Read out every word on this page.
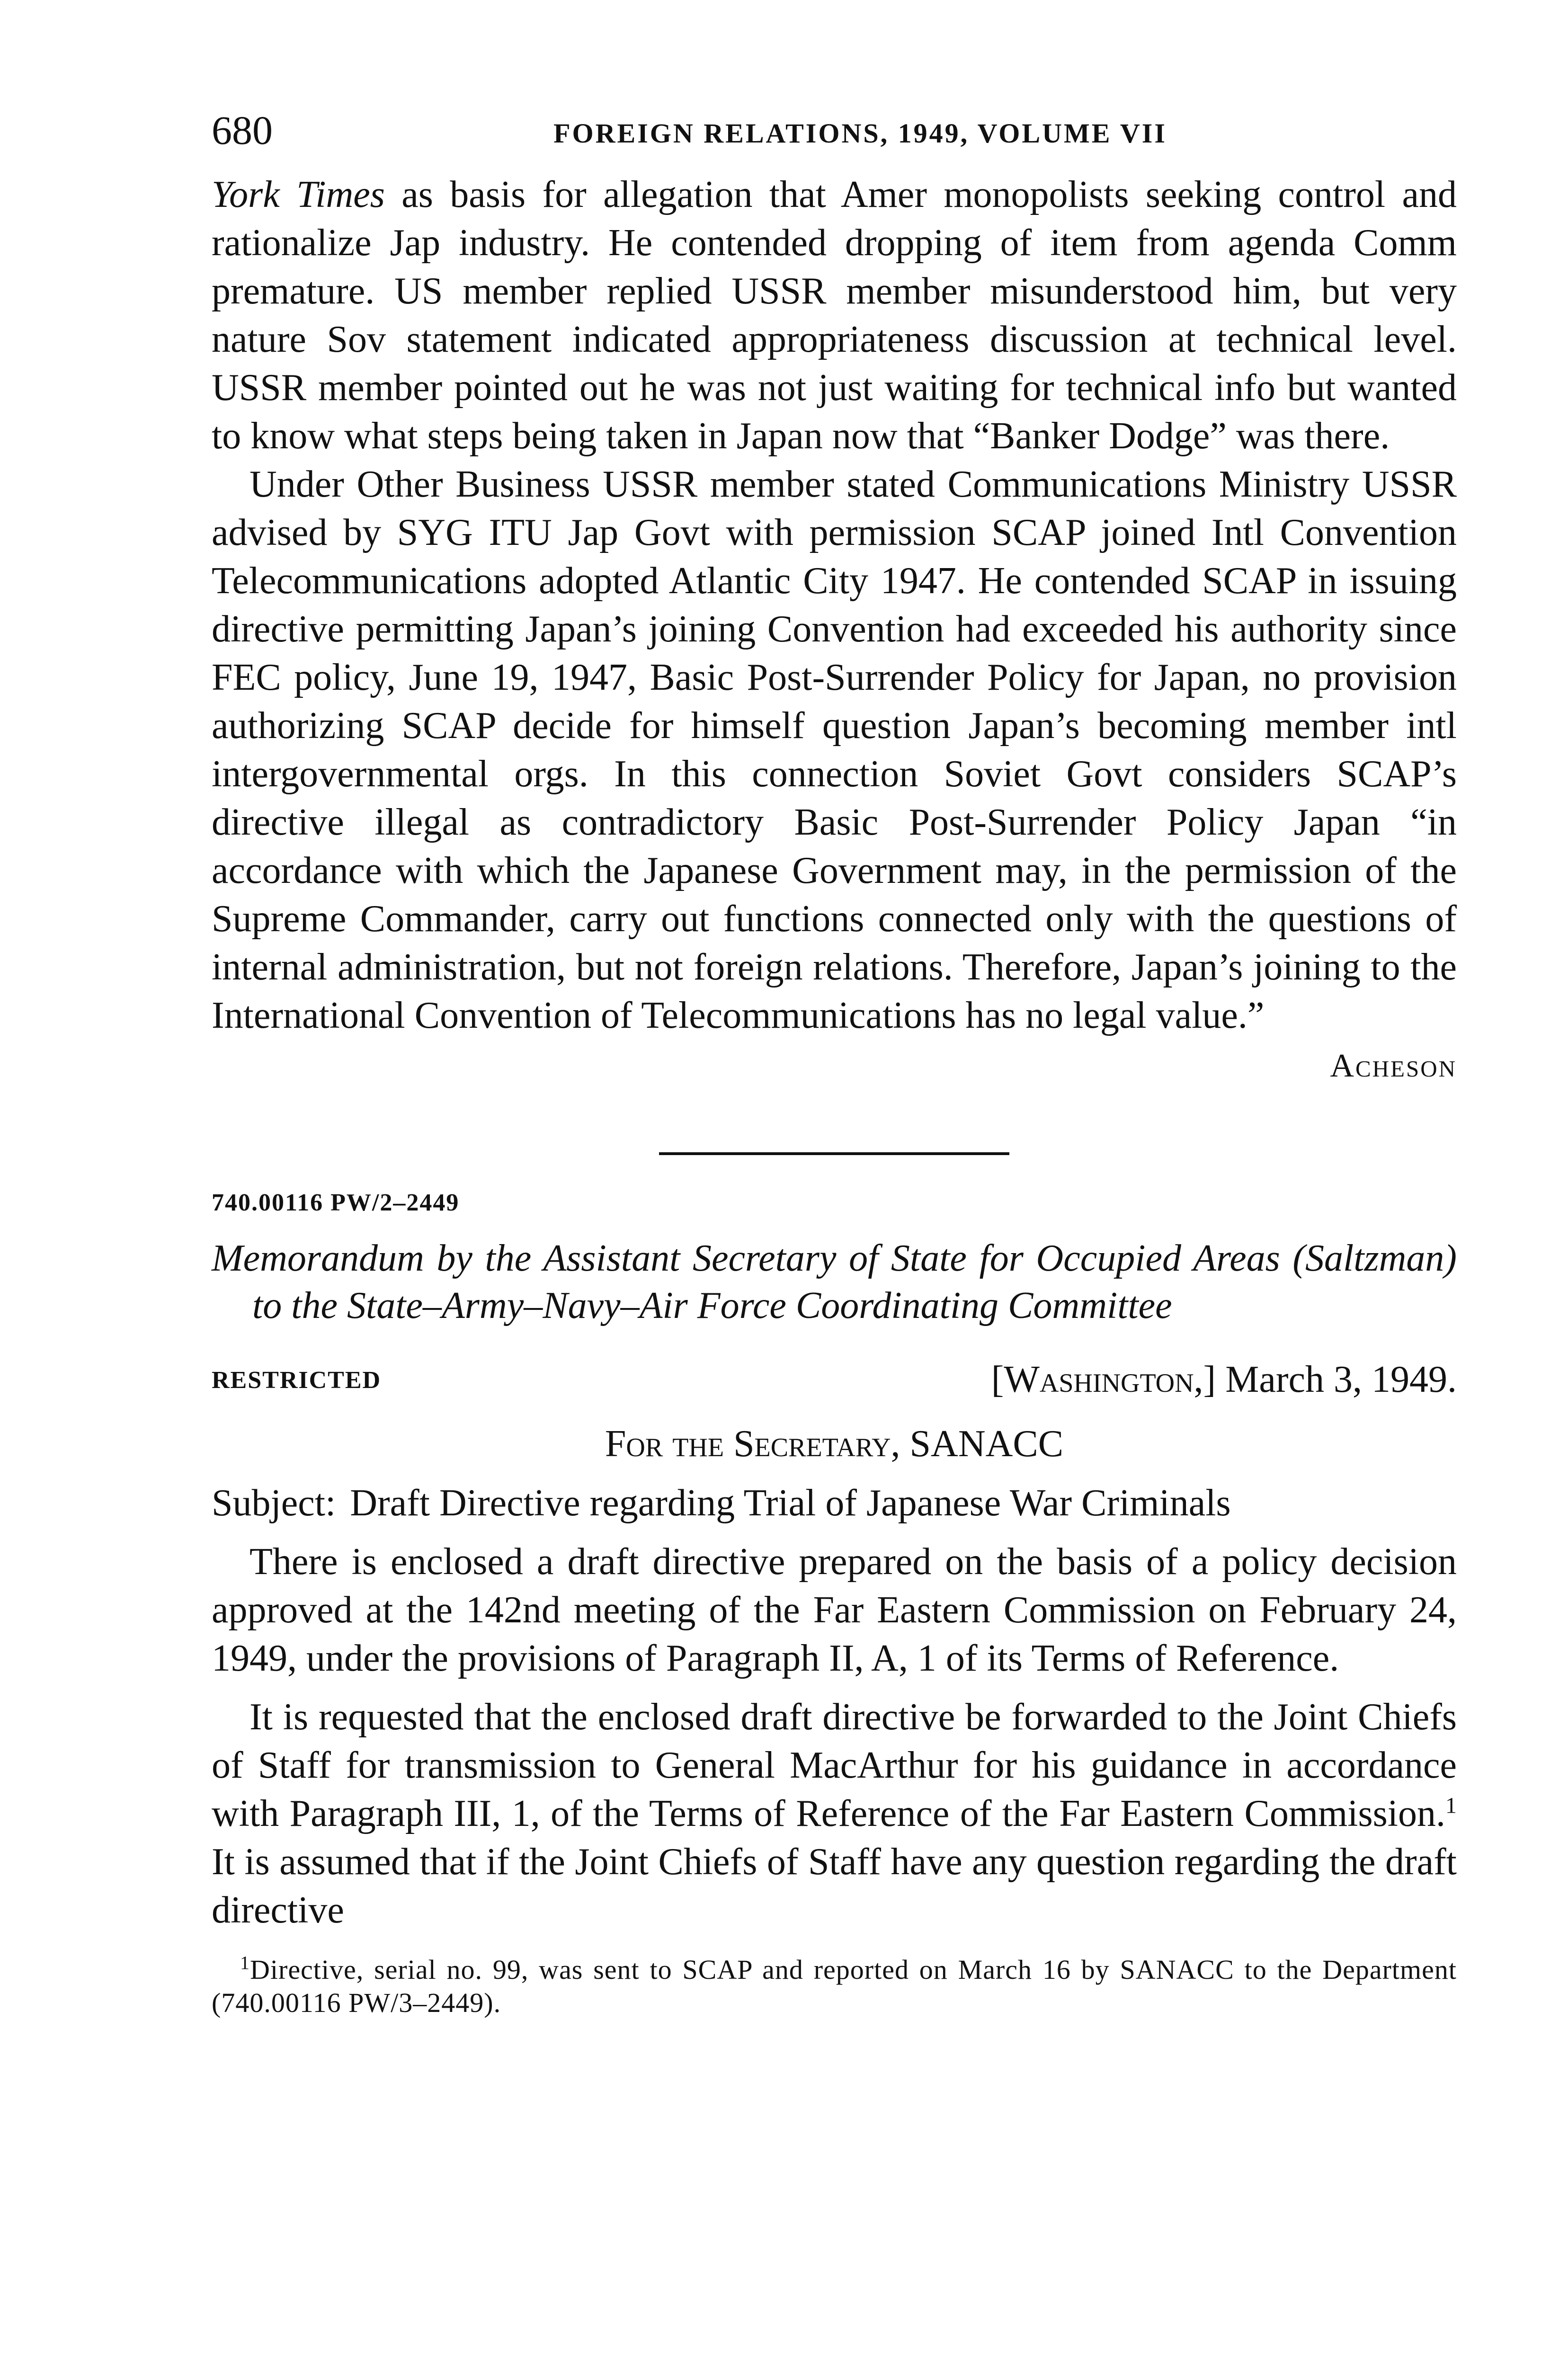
680	FOREIGN RELATIONS, 1949, VOLUME VII

York Times as basis for allegation that Amer monopolists seeking control and rationalize Jap industry. He contended dropping of item from agenda Comm premature. US member replied USSR member misunderstood him, but very nature Sov statement indicated appropriateness discussion at technical level. USSR member pointed out he was not just waiting for technical info but wanted to know what steps being taken in Japan now that “Banker Dodge” was there.

Under Other Business USSR member stated Communications Ministry USSR advised by SYG ITU Jap Govt with permission SCAP joined Intl Convention Telecommunications adopted Atlantic City 1947. He contended SCAP in issuing directive permitting Japan’s joining Convention had exceeded his authority since FEC policy, June 19, 1947, Basic Post-Surrender Policy for Japan, no provision authorizing SCAP decide for himself question Japan’s becoming member intl intergovernmental orgs. In this connection Soviet Govt considers SCAP’s directive illegal as contradictory Basic Post-Surrender Policy Japan “in accordance with which the Japanese Government may, in the permission of the Supreme Commander, carry out functions connected only with the questions of internal administration, but not foreign relations. Therefore, Japan’s joining to the International Convention of Telecommunications has no legal value.”

Acheson
740.00116 PW/2–2449
Memorandum by the Assistant Secretary of State for Occupied Areas (Saltzman) to the State–Army–Navy–Air Force Coordinating Committee
RESTRICTED	[Washington,] March 3, 1949.
For the Secretary, SANACC
Subject: Draft Directive regarding Trial of Japanese War Criminals

There is enclosed a draft directive prepared on the basis of a policy decision approved at the 142nd meeting of the Far Eastern Commission on February 24, 1949, under the provisions of Paragraph II, A, 1 of its Terms of Reference.

It is requested that the enclosed draft directive be forwarded to the Joint Chiefs of Staff for transmission to General MacArthur for his guidance in accordance with Paragraph III, 1, of the Terms of Reference of the Far Eastern Commission.$^1$ It is assumed that if the Joint Chiefs of Staff have any question regarding the draft directive

$^1$Directive, serial no. 99, was sent to SCAP and reported on March 16 by SANACC to the Department (740.00116 PW/3–2449).
